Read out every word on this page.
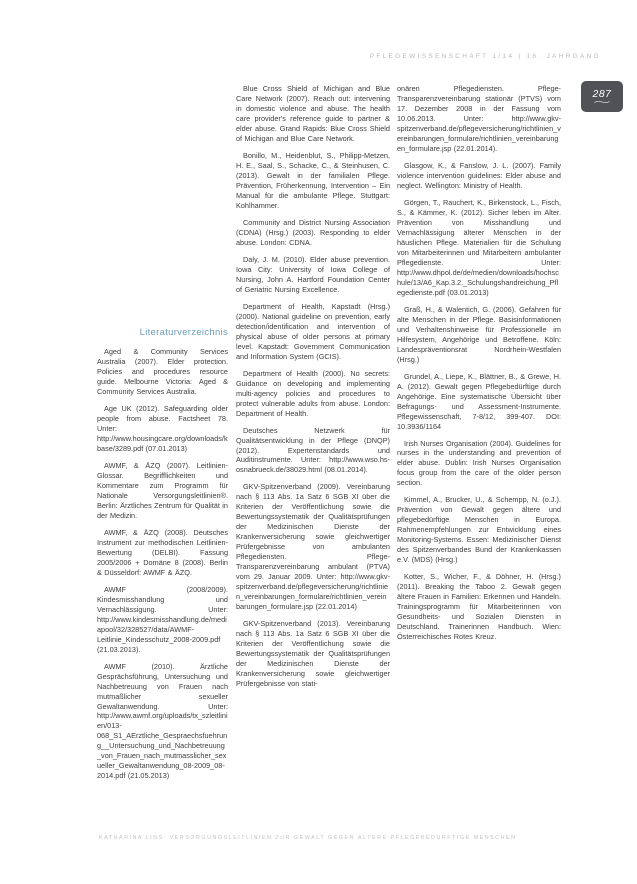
PFLEGEWISSENSCHAFT 1/14 | 16. JAHRGANG
287
Literaturverzeichnis

Aged & Community Services Australia (2007). Elder protection. Policies and procedures resource guide. Melbourne Victoria: Aged & Community Services Australia.

Age UK (2012). Safeguarding older people from abuse. Factsheet 78. Unter: http://www.housingcare.org/downloads/kbase/3289.pdf (07.01.2013)

AWMF, & ÄZQ (2007). Leitlinien-Glossar. Begrifflichkeiten und Kommentare zum Programm für Nationale Versorgungsleitlinien®. Berlin: Ärztliches Zentrum für Qualität in der Medizin.

AWMF, & ÄZQ (2008). Deutsches Instrument zur methodischen Leitlinien-Bewertung (DELBI). Fassung 2005/2006 + Domäne 8 (2008). Berlin & Düsseldorf: AWMF & ÄZQ.

AWMF (2008/2009). Kindesmisshandlung und Vernachlässigung. Unter: http://www.kindesmisshandlung.de/mediapool/32/328527/data/AWMF-Leitlinie_Kindesschutz_2008-2009.pdf (21.03.2013).

AWMF (2010). Ärztliche Gesprächsführung, Untersuchung und Nachbetreuung von Frauen nach mutmaßlicher sexueller Gewaltanwendung. Unter: http://www.awmf.org/uploads/tx_szleitlinien/013-068_S1_AErztliche_Gespraechsfuehrung__Untersuchung_und_Nachbetreuung_von_Frauen_nach_mutmasslicher_sexueller_Gewaltanwendung_08-2009_08-2014.pdf (21.05.2013)

Blue Cross Shield of Michigan and Blue Care Network (2007). Reach out: intervening in domestic violence and abuse. The health care provider's reference guide to partner & elder abuse. Grand Rapids: Blue Cross Shield of Michigan and Blue Care Network.

Bonillo, M., Heidenblut, S., Philipp-Metzen, H. E., Saal, S., Schacke, C., & Steinhusen, C. (2013). Gewalt in der familialen Pflege. Prävention, Früherkennung, Intervention – Ein Manual für die ambulante Pflege. Stuttgart: Kohlhammer.

Community and District Nursing Association (CDNA) (Hrsg.) (2003). Responding to elder abuse. London: CDNA.

Daly, J. M. (2010). Elder abuse prevention. Iowa City: University of Iowa College of Nursing, John A. Hartford Foundation Center of Geriatric Nursing Excellence.

Department of Health, Kapstadt (Hrsg.) (2000). National guideline on prevention, early detection/identification and intervention of physical abuse of older persons at primary level. Kapstadt: Government Communication and Information System (GCIS).

Department of Health (2000). No secrets: Guidance on developing and implementing multi-agency policies and procedures to protect vulnerable adults from abuse. London: Department of Health.

Deutsches Netzwerk für Qualitätsentwicklung in der Pflege (DNQP) (2012). Expertenstandards und Auditinstrumente. Unter: http://www.wso.hs-osnabrueck.de/38029.html (08.01.2014).

GKV-Spitzenverband (2009). Vereinbarung nach § 113 Abs. 1a Satz 6 SGB XI über die Kriterien der Veröffentlichung sowie die Bewertungssystematik der Qualitätsprüfungen der Medizinischen Dienste der Krankenversicherung sowie gleichwertiger Prüfergebnisse von ambulanten Pflegediensten. Pflege-Transparenzvereinbarung ambulant (PTVA) vom 29. Januar 2009. Unter: http://www.gkv-spitzenverband.de/pflegeversicherung/richtlinien_vereinbarungen_formulare/richtlinien_vereinbarungen_formulare.jsp (22.01.2014)

GKV-Spitzenverband (2013). Vereinbarung nach § 113 Abs. 1a Satz 6 SGB XI über die Kriterien der Veröffentlichung sowie die Bewertungssystematik der Qualitätsprüfungen der Medizinischen Dienste der Krankenversicherung sowie gleichwertiger Prüfergebnisse von stati-

onären Pflegediensten. Pflege-Transparenzvereinbarung stationär (PTVS) vom 17. Dezember 2008 in der Fassung vom 10.06.2013. Unter: http://www.gkv-spitzenverband.de/pflegeversicherung/richtlinien_vereinbarungen_formulare/richtlinien_vereinbarungen_formulare.jsp (22.01.2014).

Glasgow, K., & Fanslow, J. L. (2007). Family violence intervention guidelines: Elder abuse and neglect. Wellington: Ministry of Health.

Görgen, T., Rauchert, K., Birkenstock, L., Fisch, S., & Kämmer, K. (2012). Sicher leben im Alter. Prävention von Misshandlung und Vernachlässigung älterer Menschen in der häuslichen Pflege. Materialien für die Schulung von Mitarbeiterinnen und Mitarbeitern ambulanter Pflegedienste. Unter: http://www.dhpol.de/de/medien/downloads/hochschule/13/A6_Kap.3.2._Schulungshandreichung_Pflegedienste.pdf (03.01.2013)

Graß, H., & Walentich, G. (2006). Gefahren für alte Menschen in der Pflege. Basisinformationen und Verhaltenshinweise für Professionelle im Hilfesystem, Angehörige und Betroffene. Köln: Landespräventionsrat Nordrhein-Westfalen (Hrsg.)

Grundel, A., Liepe, K., Blättner, B., & Grewe, H. A. (2012). Gewalt gegen Pflegebedürftige durch Angehörige. Eine systematische Übersicht über Befragungs- und Assessment-Instrumente. Pflegewissenschaft, 7-8/12, 399-407. DOI: 10.3936/1164

Irish Nurses Organisation (2004). Guidelines for nurses in the understanding and prevention of elder abuse. Dublin: Irish Nurses Organisation focus group from the care of the older person section.

Kimmel, A., Brucker, U., & Schempp, N. (o.J.). Prävention von Gewalt gegen ältere und pflegebedürftige Menschen in Europa. Rahmenempfehlungen zur Entwicklung eines Monitoring-Systems. Essen: Medizinischer Dienst des Spitzenverbandes Bund der Krankenkassen e.V. (MDS) (Hrsg.)

Kotter, S., Wicher, F., & Döhner, H. (Hrsg.) (2011). Breaking the Taboo 2. Gewalt gegen ältere Frauen in Familien: Erkennen und Handeln. Trainingsprogramm für Mitarbeiterinnen von Gesundheits- und Sozialen Diensten in Deutschland. Trainerinnen Handbuch. Wien: Österreichisches Rotes Kreuz.

KATHARINA LINS: VERSORGUNGSLEITLINIEN ZUR GEWALT GEGEN ÄLTERE PFLEGEBEDÜRFTIGE MENSCHEN
